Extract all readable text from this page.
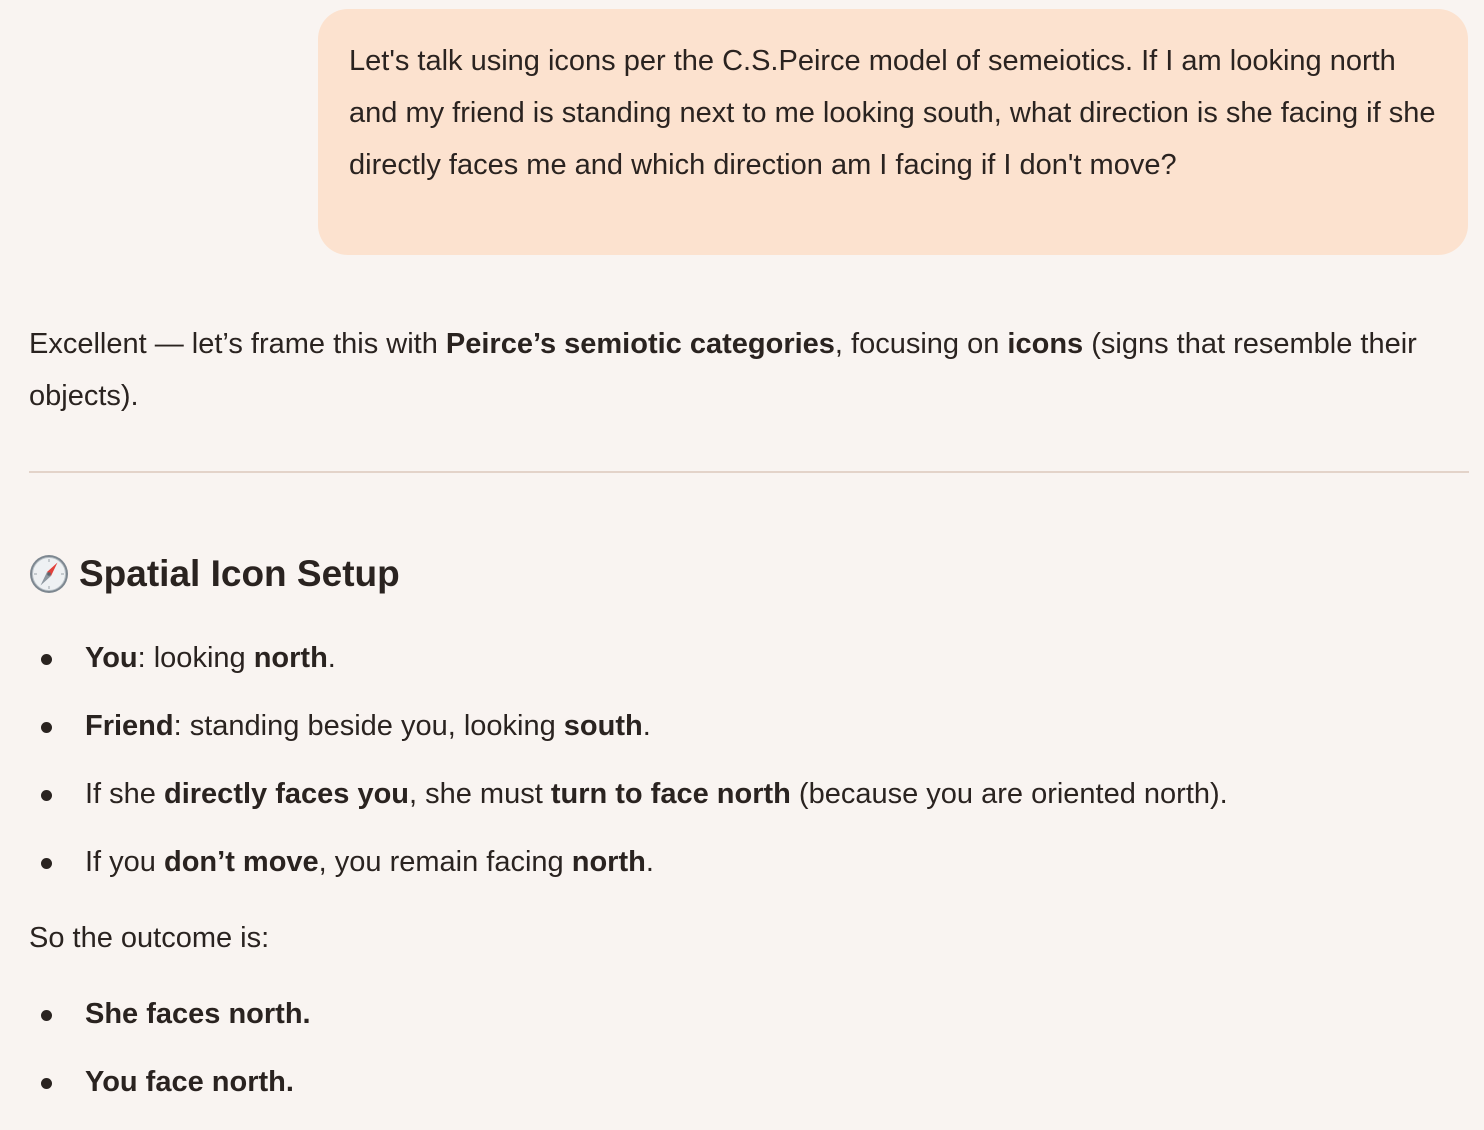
Let's talk using icons per the C.S.Peirce model of semeiotics. If I am looking north and my friend is standing next to me looking south, what direction is she facing if she directly faces me and which direction am I facing if I don't move?

Excellent — let’s frame this with Peirce’s semiotic categories, focusing on icons (signs that resemble their objects).

Spatial Icon Setup
You: looking north.
Friend: standing beside you, looking south.
If she directly faces you, she must turn to face north (because you are oriented north).
If you don’t move, you remain facing north.

So the outcome is:

She faces north.
You face north.
